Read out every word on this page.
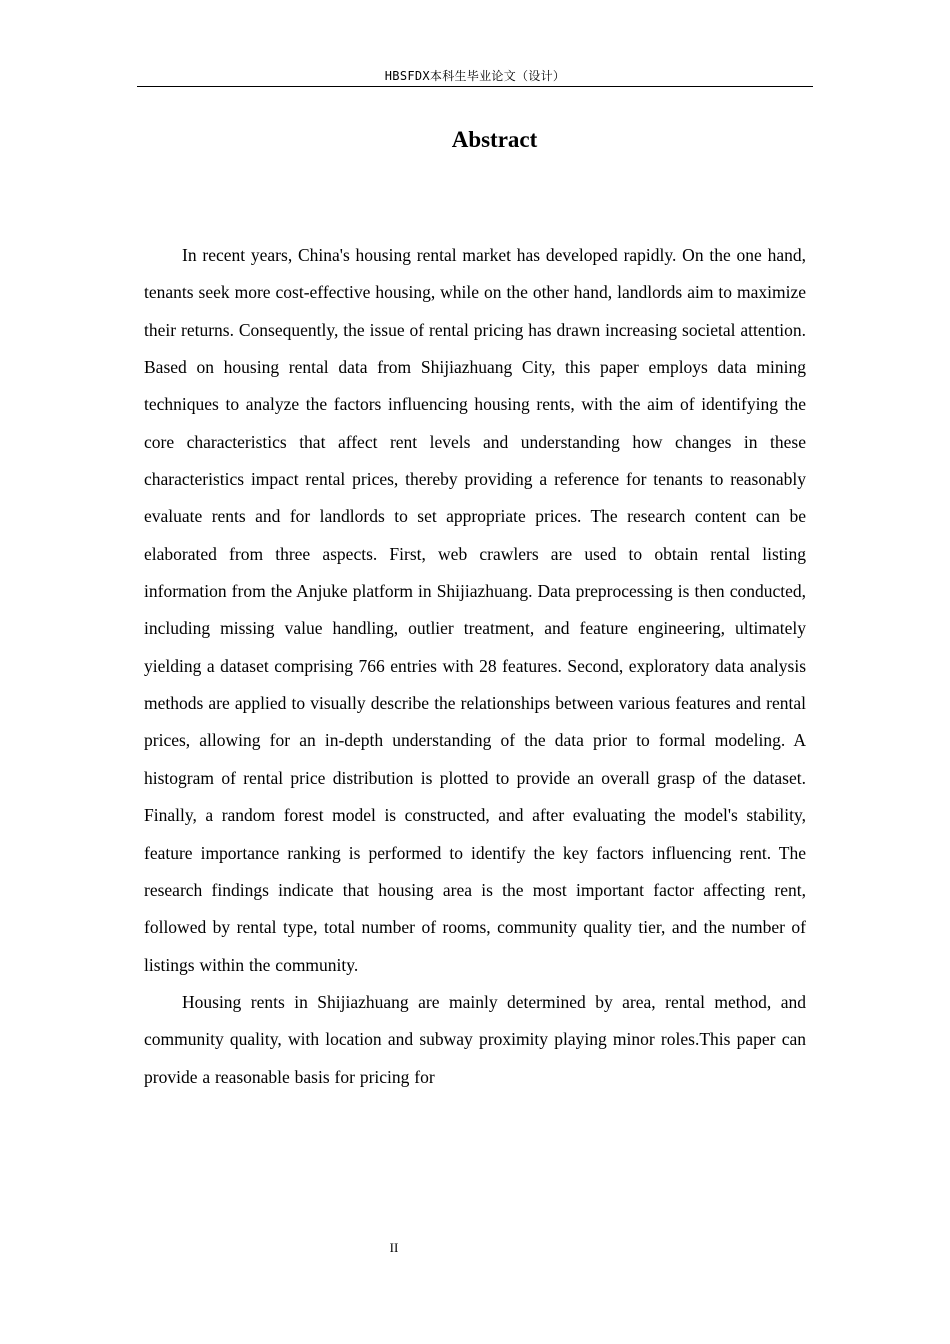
HBSFDX本科生毕业论文（设计）
Abstract

In recent years, China's housing rental market has developed rapidly. On the one hand, tenants seek more cost-effective housing, while on the other hand, landlords aim to maximize their returns. Consequently, the issue of rental pricing has drawn increasing societal attention. Based on housing rental data from Shijiazhuang City, this paper employs data mining techniques to analyze the factors influencing housing rents, with the aim of identifying the core characteristics that affect rent levels and understanding how changes in these characteristics impact rental prices, thereby providing a reference for tenants to reasonably evaluate rents and for landlords to set appropriate prices. The research content can be elaborated from three aspects. First, web crawlers are used to obtain rental listing information from the Anjuke platform in Shijiazhuang. Data preprocessing is then conducted, including missing value handling, outlier treatment, and feature engineering, ultimately yielding a dataset comprising 766 entries with 28 features. Second, exploratory data analysis methods are applied to visually describe the relationships between various features and rental prices, allowing for an in-depth understanding of the data prior to formal modeling. A histogram of rental price distribution is plotted to provide an overall grasp of the dataset. Finally, a random forest model is constructed, and after evaluating the model's stability, feature importance ranking is performed to identify the key factors influencing rent. The research findings indicate that housing area is the most important factor affecting rent, followed by rental type, total number of rooms, community quality tier, and the number of listings within the community.

Housing rents in Shijiazhuang are mainly determined by area, rental method, and community quality, with location and subway proximity playing minor roles.This paper can provide a reasonable basis for pricing for

II
